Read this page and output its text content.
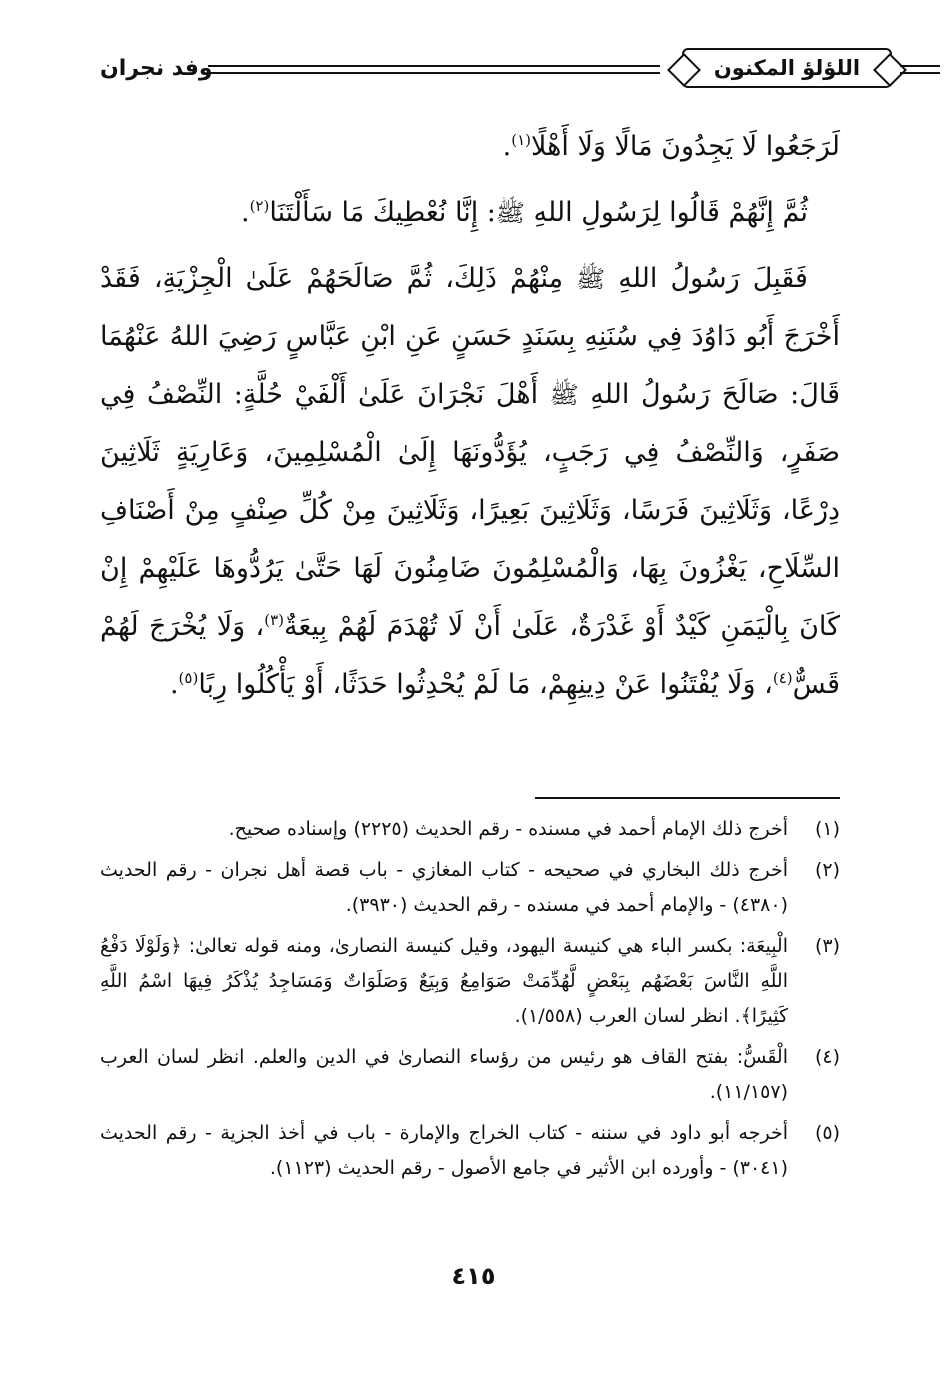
وفد نجران	اللؤلؤ المكنون

لَرَجَعُوا لَا يَجِدُونَ مَالًا وَلَا أَهْلًا$^{(١)}$.

ثُمَّ إِنَّهُمْ قَالُوا لِرَسُولِ اللهِ ﷺ: إِنَّا نُعْطِيكَ مَا سَأَلْتَنَا$^{(٢)}$.

فَقَبِلَ رَسُولُ اللهِ ﷺ مِنْهُمْ ذَلِكَ، ثُمَّ صَالَحَهُمْ عَلَىٰ الْجِزْيَةِ، فَقَدْ أَخْرَجَ أَبُو دَاوُدَ فِي سُنَنِهِ بِسَنَدٍ حَسَنٍ عَنِ ابْنِ عَبَّاسٍ رَضِيَ اللهُ عَنْهُمَا قَالَ: صَالَحَ رَسُولُ اللهِ ﷺ أَهْلَ نَجْرَانَ عَلَىٰ أَلْفَيْ حُلَّةٍ: النِّصْفُ فِي صَفَرٍ، وَالنِّصْفُ فِي رَجَبٍ، يُؤَدُّونَهَا إِلَىٰ الْمُسْلِمِينَ، وَعَارِيَةٍ ثَلَاثِينَ دِرْعًا، وَثَلَاثِينَ فَرَسًا، وَثَلَاثِينَ بَعِيرًا، وَثَلَاثِينَ مِنْ كُلِّ صِنْفٍ مِنْ أَصْنَافِ السِّلَاحِ، يَغْزُونَ بِهَا، وَالْمُسْلِمُونَ ضَامِنُونَ لَهَا حَتَّىٰ يَرُدُّوهَا عَلَيْهِمْ إِنْ كَانَ بِالْيَمَنِ كَيْدٌ أَوْ غَدْرَةٌ، عَلَىٰ أَنْ لَا تُهْدَمَ لَهُمْ بِيعَةٌ$^{(٣)}$، وَلَا يُخْرَجَ لَهُمْ قَسٌّ$^{(٤)}$، وَلَا يُفْتَنُوا عَنْ دِينِهِمْ، مَا لَمْ يُحْدِثُوا حَدَثًا، أَوْ يَأْكُلُوا رِبًا$^{(٥)}$.

(١)
أخرج ذلك الإمام أحمد في مسنده - رقم الحديث (٢٢٢٥) وإسناده صحيح.
(٢)
أخرج ذلك البخاري في صحيحه - كتاب المغازي - باب قصة أهل نجران - رقم الحديث (٤٣٨٠) - والإمام أحمد في مسنده - رقم الحديث (٣٩٣٠).
(٣)
الْبِيعَة: بكسر الباء هي كنيسة اليهود، وقيل كنيسة النصارىٰ، ومنه قوله تعالىٰ: ﴿وَلَوْلَا دَفْعُ اللَّهِ النَّاسَ بَعْضَهُم بِبَعْضٍ لَّهُدِّمَتْ صَوَامِعُ وَبِيَعٌ وَصَلَوَاتٌ وَمَسَاجِدُ يُذْكَرُ فِيهَا اسْمُ اللَّهِ كَثِيرًا﴾. انظر لسان العرب (١/٥٥٨).
(٤)
الْقَسُّ: بفتح القاف هو رئيس من رؤساء النصارىٰ في الدين والعلم. انظر لسان العرب (١١/١٥٧).
(٥)
أخرجه أبو داود في سننه - كتاب الخراج والإمارة - باب في أخذ الجزية - رقم الحديث (٣٠٤١) - وأورده ابن الأثير في جامع الأصول - رقم الحديث (١١٢٣).
٤١٥
